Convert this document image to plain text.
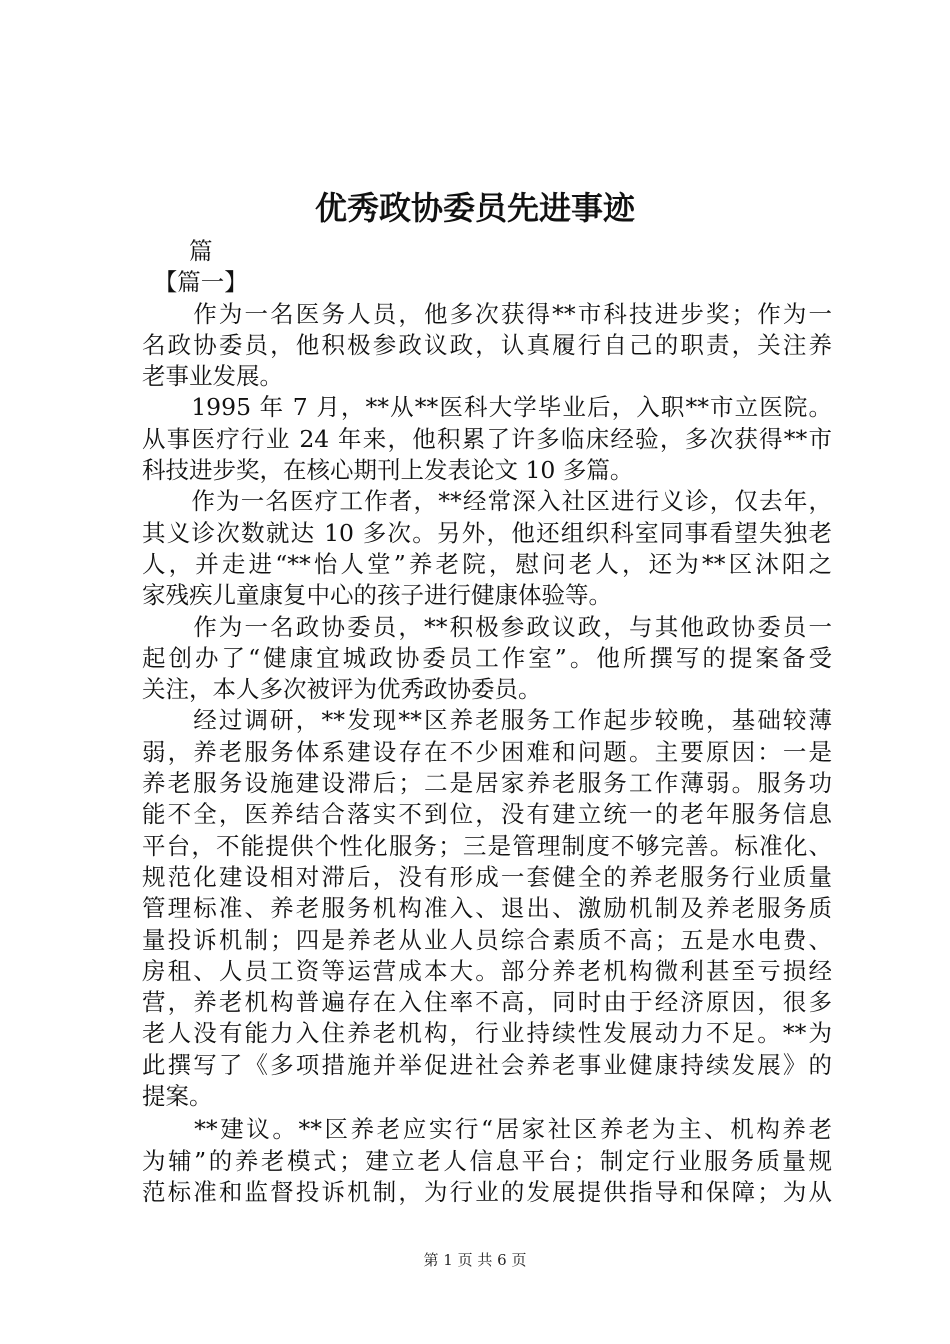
优秀政协委员先进事迹
　　篇
　【篇一】
　　作为一名医务人员，他多次获得**市科技进步奖；作为一
名政协委员，他积极参政议政，认真履行自己的职责，关注养
老事业发展。
　　1995 年 7 月，**从**医科大学毕业后，入职**市立医院。
从事医疗行业 24 年来，他积累了许多临床经验，多次获得**市
科技进步奖，在核心期刊上发表论文 10 多篇。
　　作为一名医疗工作者，**经常深入社区进行义诊，仅去年，
其义诊次数就达 10 多次。另外，他还组织科室同事看望失独老
人，并走进“**怡人堂”养老院，慰问老人，还为**区沐阳之
家残疾儿童康复中心的孩子进行健康体验等。
　　作为一名政协委员，**积极参政议政，与其他政协委员一
起创办了“健康宜城政协委员工作室”。他所撰写的提案备受
关注，本人多次被评为优秀政协委员。
　　经过调研，**发现**区养老服务工作起步较晚，基础较薄
弱，养老服务体系建设存在不少困难和问题。主要原因：一是
养老服务设施建设滞后；二是居家养老服务工作薄弱。服务功
能不全，医养结合落实不到位，没有建立统一的老年服务信息
平台，不能提供个性化服务；三是管理制度不够完善。标准化、
规范化建设相对滞后，没有形成一套健全的养老服务行业质量
管理标准、养老服务机构准入、退出、激励机制及养老服务质
量投诉机制；四是养老从业人员综合素质不高；五是水电费、
房租、人员工资等运营成本大。部分养老机构微利甚至亏损经
营，养老机构普遍存在入住率不高，同时由于经济原因，很多
老人没有能力入住养老机构，行业持续性发展动力不足。**为
此撰写了《多项措施并举促进社会养老事业健康持续发展》的
提案。
　　**建议。**区养老应实行“居家社区养老为主、机构养老
为辅”的养老模式；建立老人信息平台；制定行业服务质量规
范标准和监督投诉机制，为行业的发展提供指导和保障；为从
第 1 页 共 6 页
